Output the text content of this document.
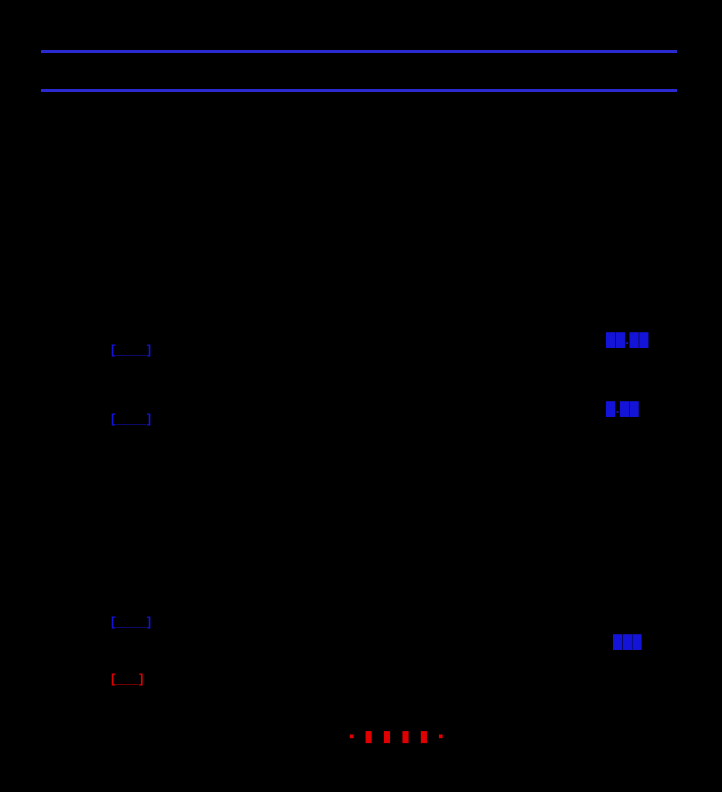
[____]
[____]
[____]
[___]
██.██
█.██
███
▪ ▮ ▮ ▮ ▮ ▪
